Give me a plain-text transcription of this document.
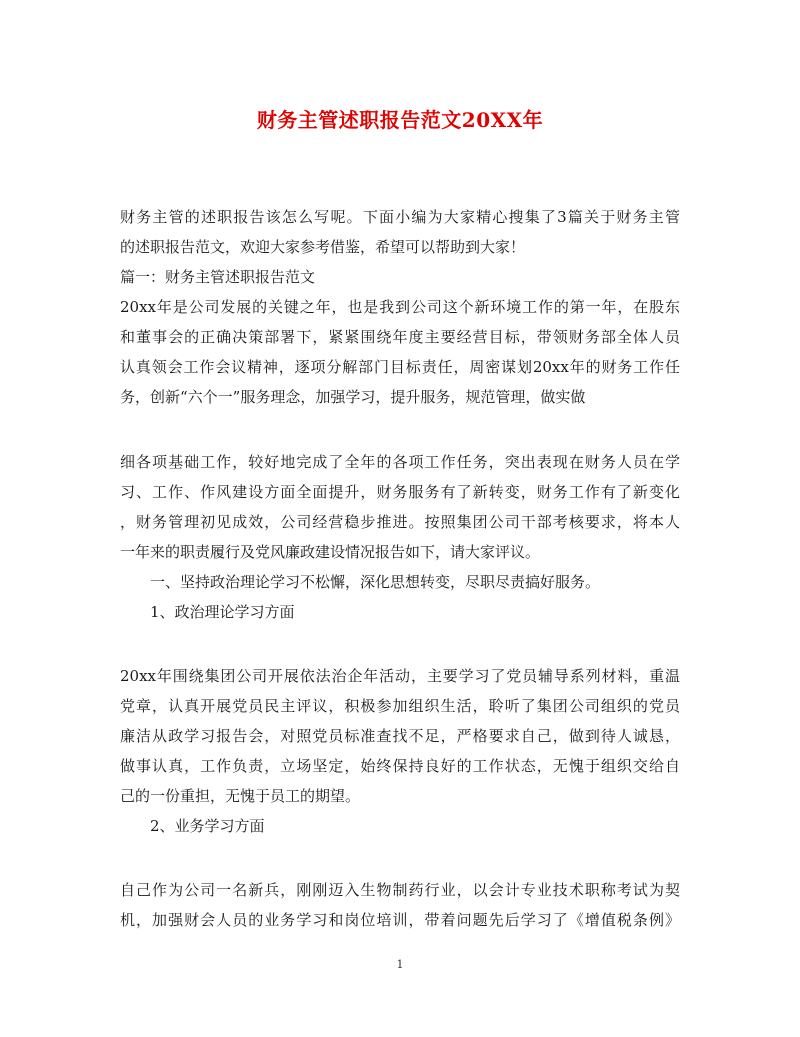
财务主管述职报告范文20XX年
财务主管的述职报告该怎么写呢。下面小编为大家精心搜集了3篇关于财务主管
的述职报告范文，欢迎大家参考借鉴，希望可以帮助到大家！
篇一：财务主管述职报告范文
20xx年是公司发展的关键之年，也是我到公司这个新环境工作的第一年，在股东
和董事会的正确决策部署下，紧紧围绕年度主要经营目标，带领财务部全体人员
认真领会工作会议精神，逐项分解部门目标责任，周密谋划20xx年的财务工作任
务，创新“六个一”服务理念，加强学习，提升服务，规范管理，做实做
细各项基础工作，较好地完成了全年的各项工作任务，突出表现在财务人员在学
习、工作、作风建设方面全面提升，财务服务有了新转变，财务工作有了新变化
，财务管理初见成效，公司经营稳步推进。按照集团公司干部考核要求，将本人
一年来的职责履行及党风廉政建设情况报告如下，请大家评议。
一、坚持政治理论学习不松懈，深化思想转变，尽职尽责搞好服务。
1、政治理论学习方面
20xx年围绕集团公司开展依法治企年活动，主要学习了党员辅导系列材料，重温
党章，认真开展党员民主评议，积极参加组织生活，聆听了集团公司组织的党员
廉洁从政学习报告会，对照党员标准查找不足，严格要求自己，做到待人诚恳，
做事认真，工作负责，立场坚定，始终保持良好的工作状态，无愧于组织交给自
己的一份重担，无愧于员工的期望。
2、业务学习方面
自己作为公司一名新兵，刚刚迈入生物制药行业，以会计专业技术职称考试为契
机，加强财会人员的业务学习和岗位培训，带着问题先后学习了《增值税条例》
1
